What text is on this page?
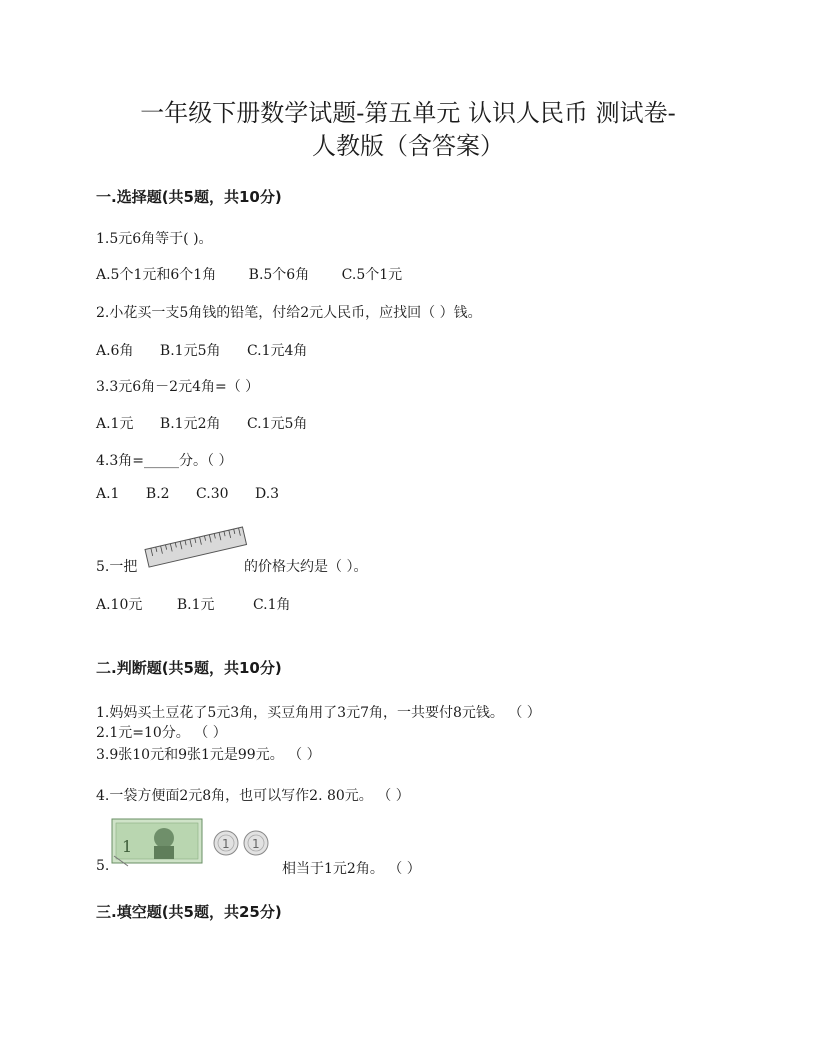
一年级下册数学试题-第五单元 认识人民币 测试卷-
人教版（含答案）
一.选择题(共5题，共10分)
1.5元6角等于( )。
A.5个1元和6个1角 B.5个6角 C.5个1元
2.小花买一支5角钱的铅笔，付给2元人民币，应找回（ ）钱。
A.6角 B.1元5角 C.1元4角
3.3元6角－2元4角=（ ）
A.1元 B.1元2角 C.1元5角
4.3角=_____分。（ ）
A.1 B.2 C.30 D.3
5.一把	的价格大约是（ ）。
A.10元 B.1元	C.1角
二.判断题(共5题，共10分)
1.妈妈买土豆花了5元3角，买豆角用了3元7角，一共要付8元钱。 （ ）
2.1元=10分。 （ ）
3.9张10元和9张1元是99元。 （ ）
4.一袋方便面2元8角，也可以写作2. 80元。 （ ）
5.
1	1 1
相当于1元2角。 （ ）
三.填空题(共5题，共25分)
